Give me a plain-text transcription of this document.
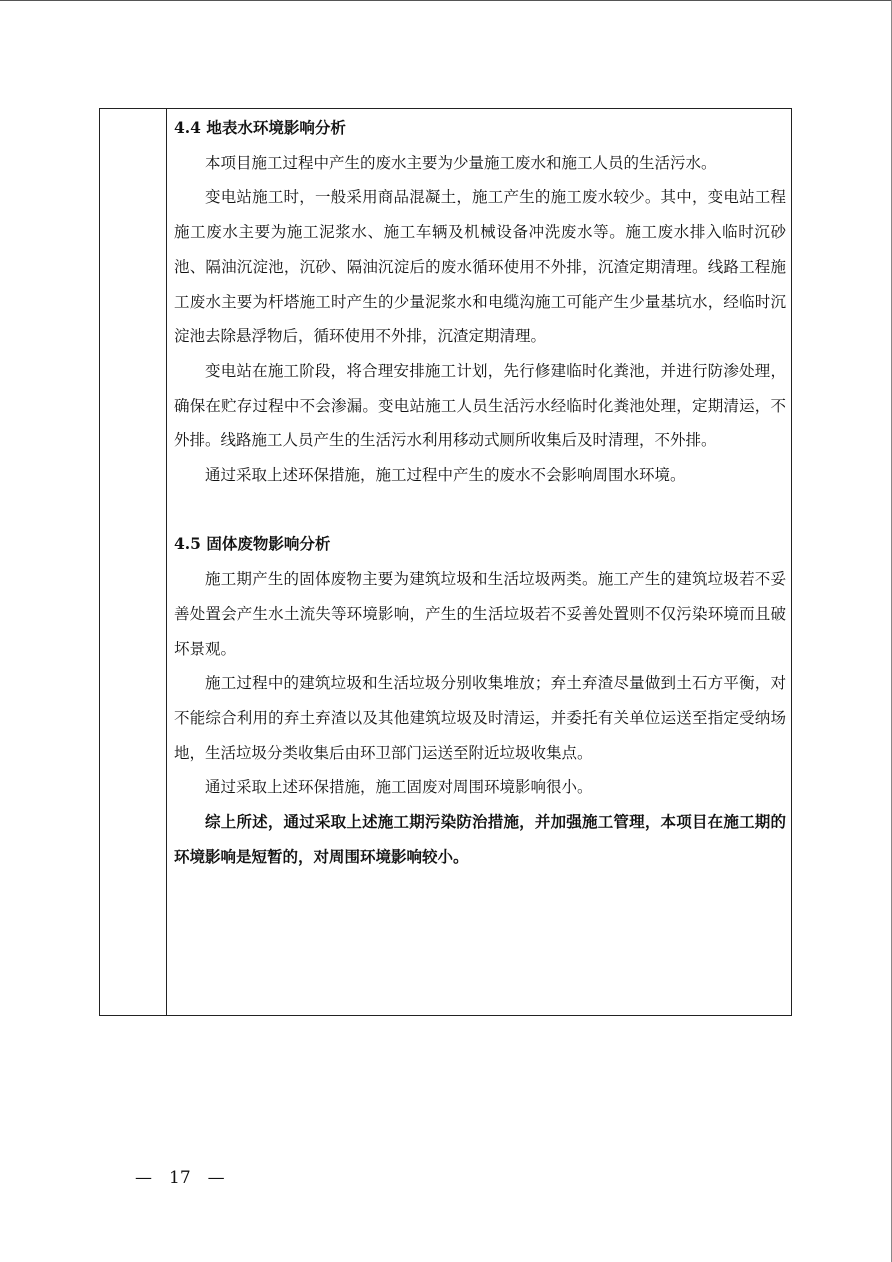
4.4 地表水环境影响分析

本项目施工过程中产生的废水主要为少量施工废水和施工人员的生活污水。

变电站施工时，一般采用商品混凝土，施工产生的施工废水较少。其中，变电站工程施工废水主要为施工泥浆水、施工车辆及机械设备冲洗废水等。施工废水排入临时沉砂池、隔油沉淀池，沉砂、隔油沉淀后的废水循环使用不外排，沉渣定期清理。线路工程施工废水主要为杆塔施工时产生的少量泥浆水和电缆沟施工可能产生少量基坑水，经临时沉淀池去除悬浮物后，循环使用不外排，沉渣定期清理。

变电站在施工阶段，将合理安排施工计划，先行修建临时化粪池，并进行防渗处理，确保在贮存过程中不会渗漏。变电站施工人员生活污水经临时化粪池处理，定期清运，不外排。线路施工人员产生的生活污水利用移动式厕所收集后及时清理，不外排。

通过采取上述环保措施，施工过程中产生的废水不会影响周围水环境。

4.5 固体废物影响分析

施工期产生的固体废物主要为建筑垃圾和生活垃圾两类。施工产生的建筑垃圾若不妥善处置会产生水土流失等环境影响，产生的生活垃圾若不妥善处置则不仅污染环境而且破坏景观。

施工过程中的建筑垃圾和生活垃圾分别收集堆放；弃土弃渣尽量做到土石方平衡，对不能综合利用的弃土弃渣以及其他建筑垃圾及时清运，并委托有关单位运送至指定受纳场地，生活垃圾分类收集后由环卫部门运送至附近垃圾收集点。

通过采取上述环保措施，施工固废对周围环境影响很小。

综上所述，通过采取上述施工期污染防治措施，并加强施工管理，本项目在施工期的环境影响是短暂的，对周围环境影响较小。

—　17　—
